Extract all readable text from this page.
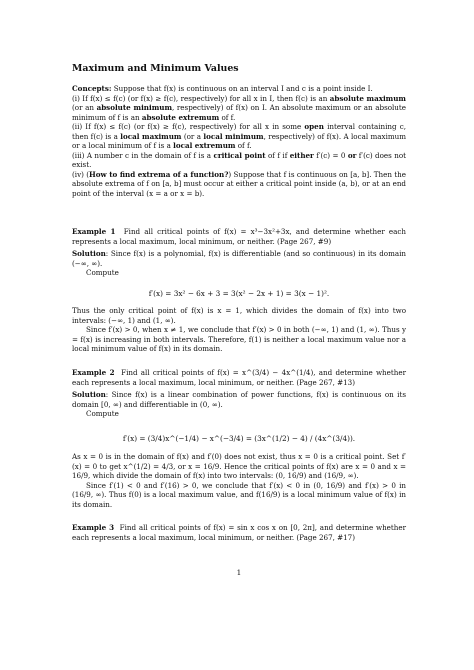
Maximum and Minimum Values

Concepts: Suppose that f(x) is continuous on an interval I and c is a point inside I.

(i) If f(x) ≤ f(c) (or f(x) ≥ f(c), respectively) for all x in I, then f(c) is an absolute maximum (or an absolute minimum, respectively) of f(x) on I. An absolute maximum or an absolute minimum of f is an absolute extremum of f.

(ii) If f(x) ≤ f(c) (or f(x) ≥ f(c), respectively) for all x in some open interval containing c, then f(c) is a local maximum (or a local minimum, respectively) of f(x). A local maximum or a local minimum of f is a local extremum of f.

(iii) A number c in the domain of f is a critical point of f if either f′(c) = 0 or f′(c) does not exist.

(iv) (How to find extrema of a function?) Suppose that f is continuous on [a, b]. Then the absolute extrema of f on [a, b] must occur at either a critical point inside (a, b), or at an end point of the interval (x = a or x = b).

Example 1 Find all critical points of f(x) = x³−3x²+3x, and determine whether each represents a local maximum, local minimum, or neither. (Page 267, #9)

Solution: Since f(x) is a polynomial, f(x) is differentiable (and so continuous) in its domain (−∞, ∞).

Compute

f′(x) = 3x² − 6x + 3 = 3(x² − 2x + 1) = 3(x − 1)².

Thus the only critical point of f(x) is x = 1, which divides the domain of f(x) into two intervals: (−∞, 1) and (1, ∞).

Since f′(x) > 0, when x ≠ 1, we conclude that f′(x) > 0 in both (−∞, 1) and (1, ∞). Thus y = f(x) is increasing in both intervals. Therefore, f(1) is neither a local maximum value nor a local minimum value of f(x) in its domain.

Example 2 Find all critical points of f(x) = x^(3/4) − 4x^(1/4), and determine whether each represents a local maximum, local minimum, or neither. (Page 267, #13)

Solution: Since f(x) is a linear combination of power functions, f(x) is continuous on its domain [0, ∞) and differentiable in (0, ∞).

Compute

f′(x) = (3/4)x^(−1/4) − x^(−3/4) = (3x^(1/2) − 4) / (4x^(3/4)).

As x = 0 is in the domain of f(x) and f′(0) does not exist, thus x = 0 is a critical point. Set f′(x) = 0 to get x^(1/2) = 4/3, or x = 16/9. Hence the critical points of f(x) are x = 0 and x = 16/9, which divide the domain of f(x) into two intervals: (0, 16/9) and (16/9, ∞).

Since f′(1) < 0 and f′(16) > 0, we conclude that f′(x) < 0 in (0, 16/9) and f′(x) > 0 in (16/9, ∞). Thus f(0) is a local maximum value, and f(16/9) is a local minimum value of f(x) in its domain.

Example 3 Find all critical points of f(x) = sin x cos x on [0, 2π], and determine whether each represents a local maximum, local minimum, or neither. (Page 267, #17)

1
